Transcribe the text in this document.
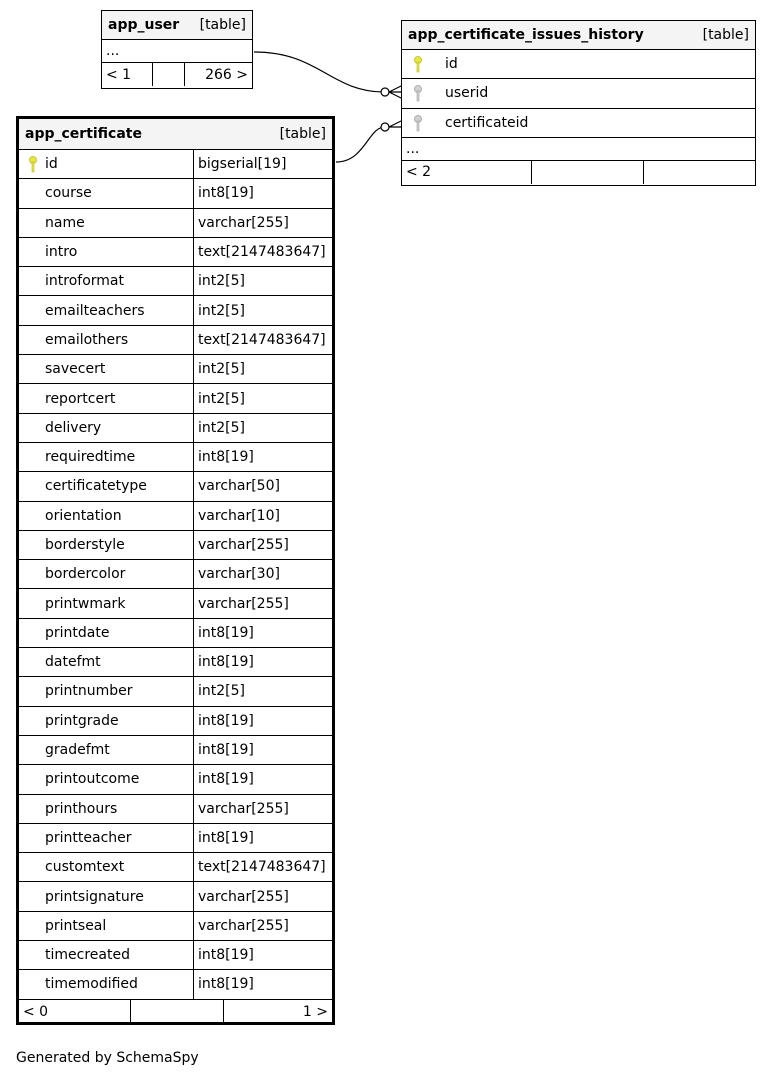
app_user [table]
...
< 1	266 >
app_certificate_issues_history	[table]
id
userid
certificateid
...
< 2
app_certificate	[table]
id	bigserial[19]
course	int8[19]
name	varchar[255]
intro	text[2147483647]
introformat	int2[5]
emailteachers	int2[5]
emailothers	text[2147483647]
savecert	int2[5]
reportcert	int2[5]
delivery	int2[5]
requiredtime	int8[19]
certificatetype	varchar[50]
orientation	varchar[10]
borderstyle	varchar[255]
bordercolor	varchar[30]
printwmark	varchar[255]
printdate	int8[19]
datefmt	int8[19]
printnumber	int2[5]
printgrade	int8[19]
gradefmt	int8[19]
printoutcome	int8[19]
printhours	varchar[255]
printteacher	int8[19]
customtext	text[2147483647]
printsignature	varchar[255]
printseal	varchar[255]
timecreated	int8[19]
timemodified	int8[19]
< 0	1 >
Generated by SchemaSpy
